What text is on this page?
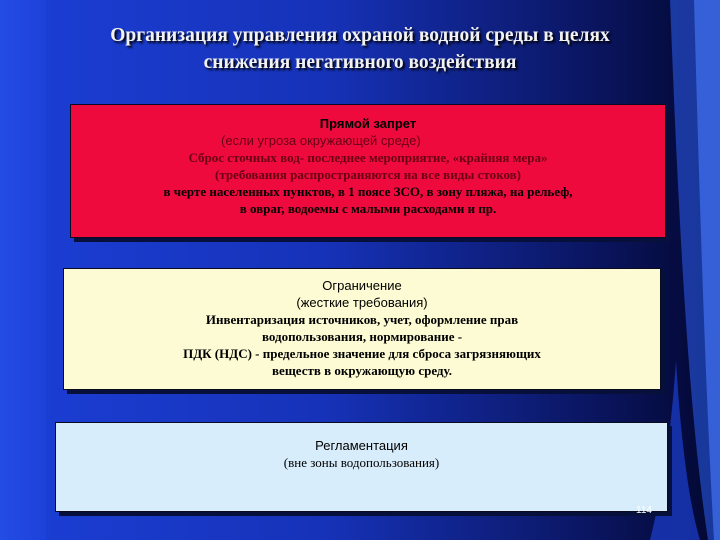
Организация управления охраной водной среды в целях
снижения негативного воздействия
Прямой запрет
(если угроза окружающей среде)
Сброс сточных вод- последнее мероприятие, «крайняя мера»
(требования распространяются на все виды стоков)
в черте населенных пунктов, в 1 поясе ЗСО, в зону пляжа, на рельеф,
в овраг, водоемы с малыми расходами и пр.
Ограничение
(жесткие требования)
Инвентаризация источников, учет, оформление прав
водопользования, нормирование -
ПДК (НДС) - предельное значение для сброса загрязняющих
веществ в окружающую среду.
Регламентация
(вне зоны водопользования)
114
